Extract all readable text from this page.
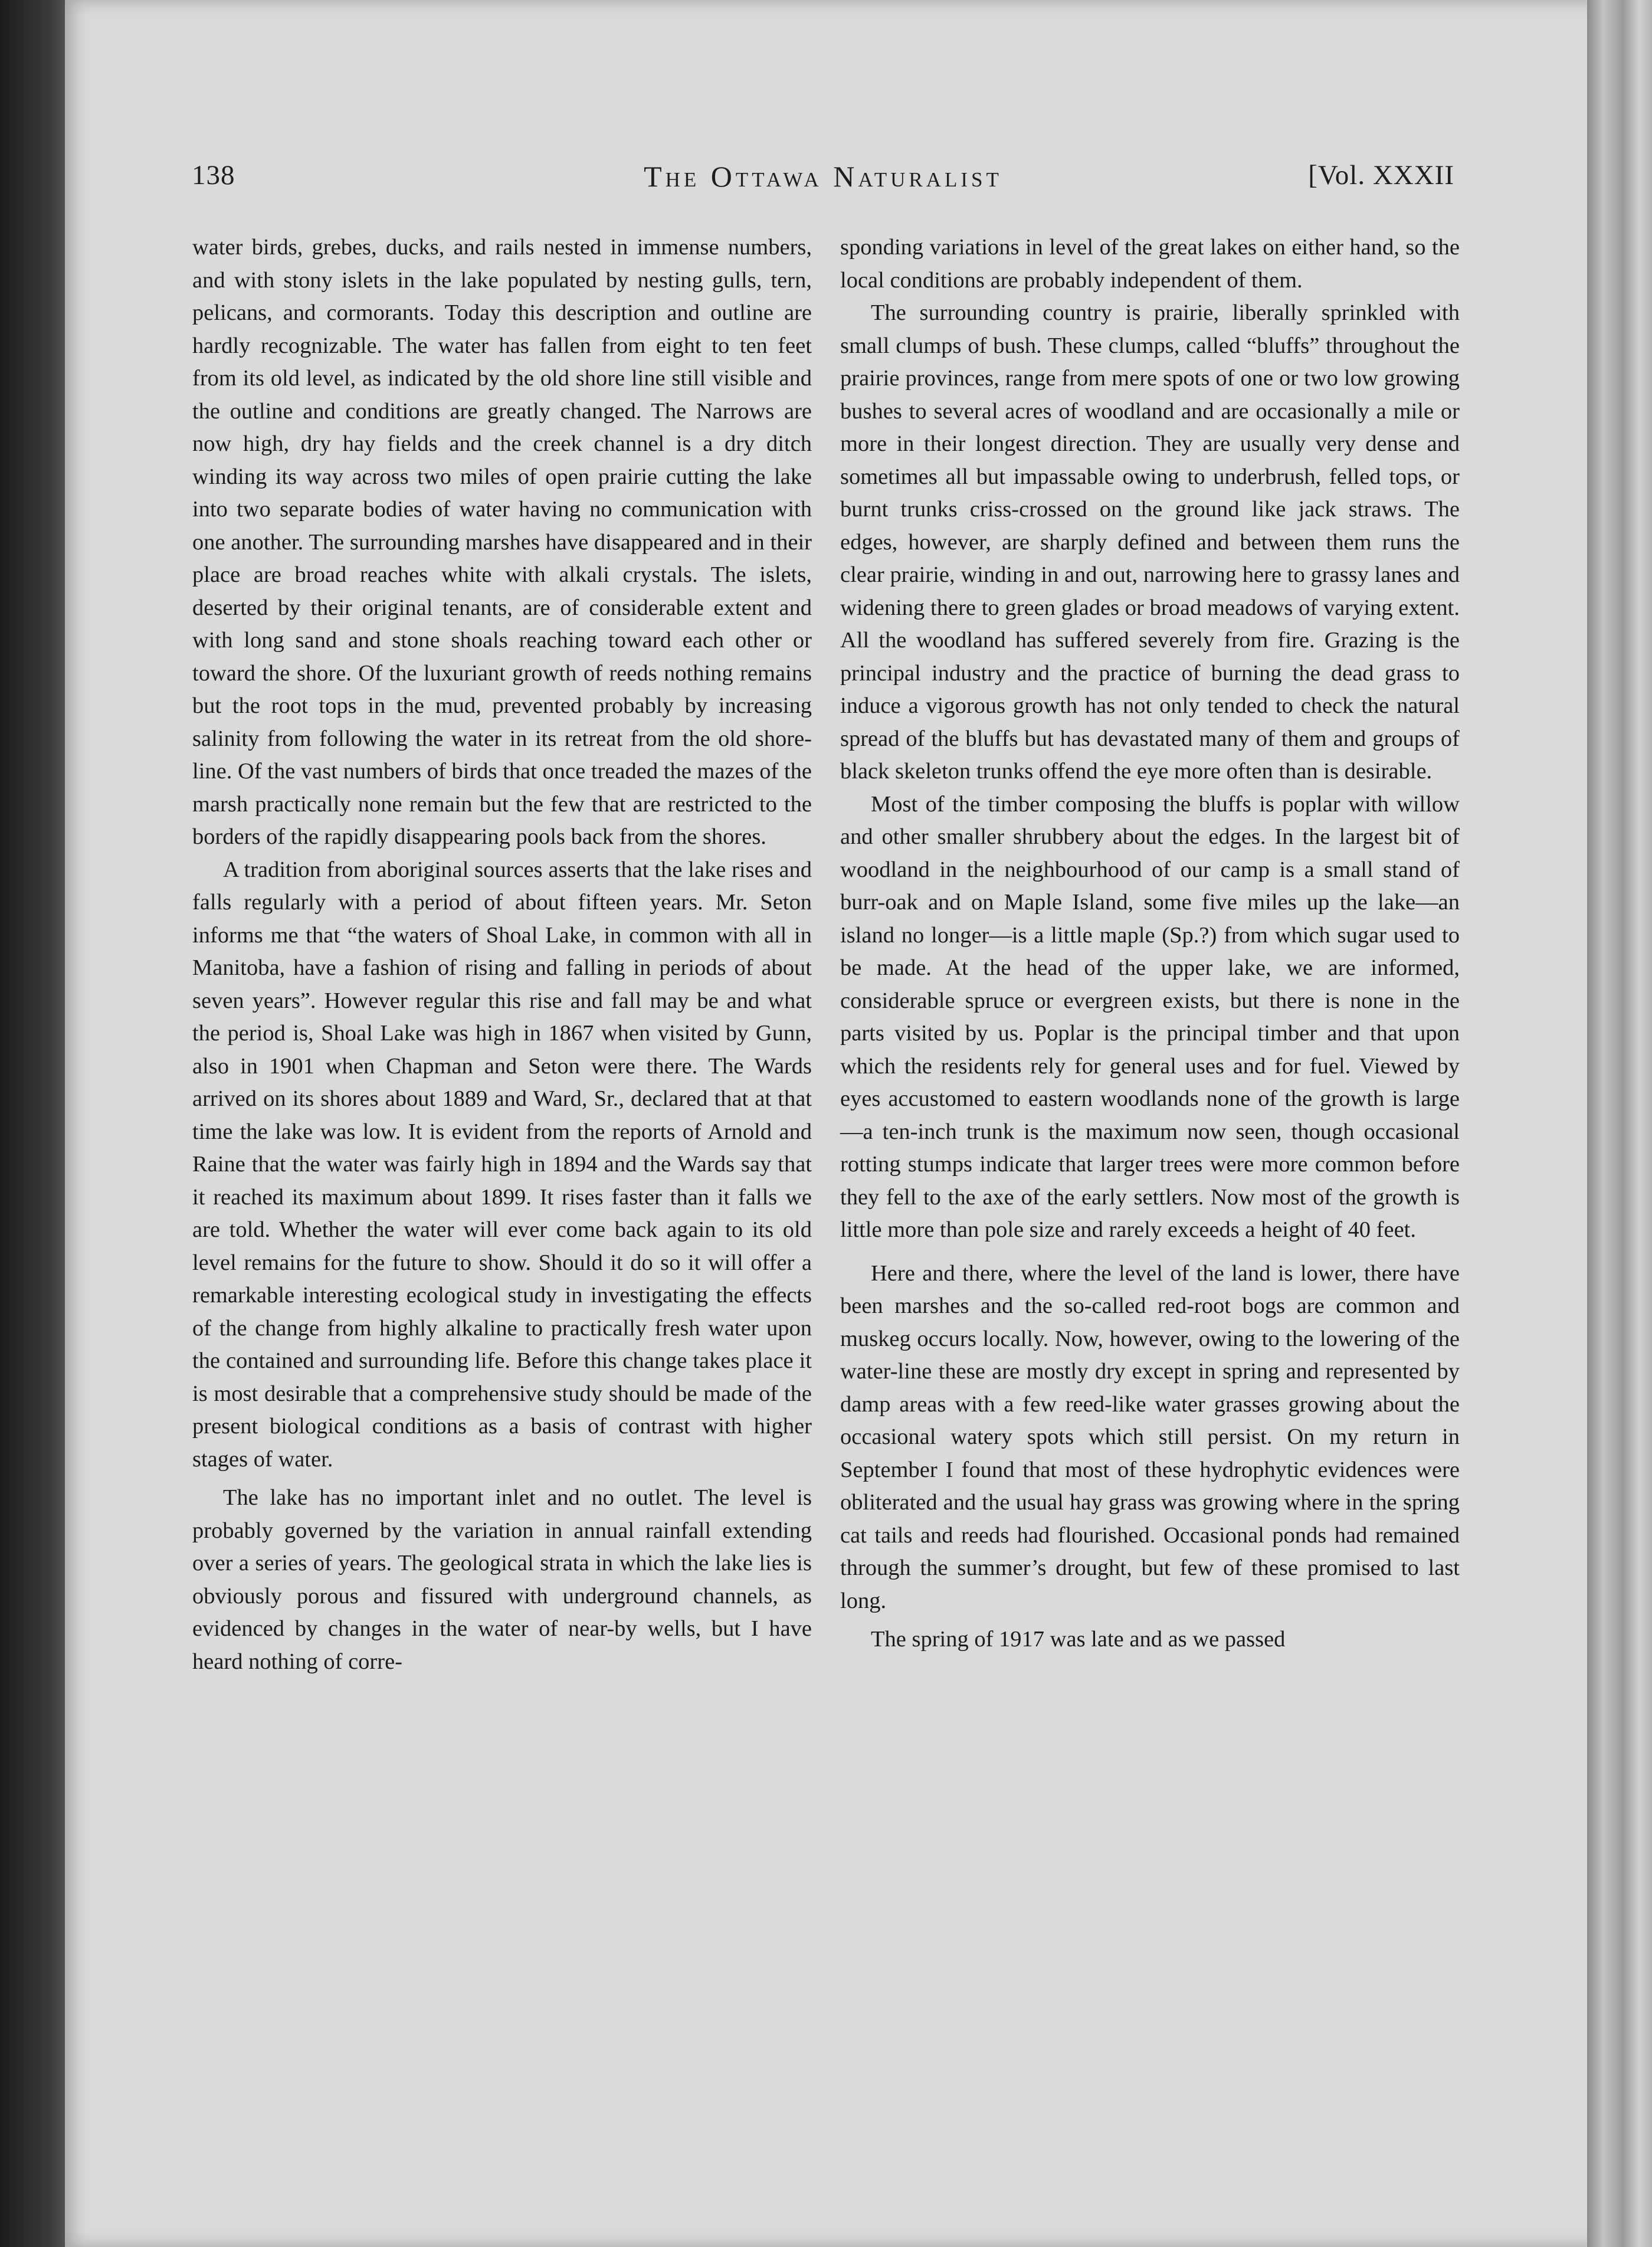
138	The Ottawa Naturalist	[Vol. XXXII

water birds, grebes, ducks, and rails nested in immense numbers, and with stony islets in the lake populated by nesting gulls, tern, pelicans, and cormorants. Today this description and outline are hardly recognizable. The water has fallen from eight to ten feet from its old level, as indicated by the old shore line still visible and the outline and conditions are greatly changed. The Narrows are now high, dry hay fields and the creek channel is a dry ditch winding its way across two miles of open prairie cutting the lake into two separate bodies of water having no communication with one another. The surrounding marshes have disappeared and in their place are broad reaches white with alkali crystals. The islets, deserted by their original tenants, are of considerable extent and with long sand and stone shoals reaching toward each other or toward the shore. Of the luxuriant growth of reeds nothing remains but the root tops in the mud, prevented probably by increasing salinity from following the water in its retreat from the old shore-line. Of the vast numbers of birds that once treaded the mazes of the marsh practically none remain but the few that are restricted to the borders of the rapidly disappearing pools back from the shores.

A tradition from aboriginal sources asserts that the lake rises and falls regularly with a period of about fifteen years. Mr. Seton informs me that “the waters of Shoal Lake, in common with all in Manitoba, have a fashion of rising and falling in periods of about seven years”. However regular this rise and fall may be and what the period is, Shoal Lake was high in 1867 when visited by Gunn, also in 1901 when Chapman and Seton were there. The Wards arrived on its shores about 1889 and Ward, Sr., declared that at that time the lake was low. It is evident from the reports of Arnold and Raine that the water was fairly high in 1894 and the Wards say that it reached its maximum about 1899. It rises faster than it falls we are told. Whether the water will ever come back again to its old level remains for the future to show. Should it do so it will offer a remarkable interesting ecological study in investigating the effects of the change from highly alkaline to practically fresh water upon the contained and surrounding life. Before this change takes place it is most desirable that a comprehensive study should be made of the present biological conditions as a basis of contrast with higher stages of water.

The lake has no important inlet and no outlet. The level is probably governed by the variation in annual rainfall extending over a series of years. The geological strata in which the lake lies is obviously porous and fissured with underground channels, as evidenced by changes in the water of near-by wells, but I have heard nothing of corre-

sponding variations in level of the great lakes on either hand, so the local conditions are probably independent of them.

The surrounding country is prairie, liberally sprinkled with small clumps of bush. These clumps, called “bluffs” throughout the prairie provinces, range from mere spots of one or two low growing bushes to several acres of woodland and are occasionally a mile or more in their longest direction. They are usually very dense and sometimes all but impassable owing to underbrush, felled tops, or burnt trunks criss-crossed on the ground like jack straws. The edges, however, are sharply defined and between them runs the clear prairie, winding in and out, narrowing here to grassy lanes and widening there to green glades or broad meadows of varying extent. All the woodland has suffered severely from fire. Grazing is the principal industry and the practice of burning the dead grass to induce a vigorous growth has not only tended to check the natural spread of the bluffs but has devastated many of them and groups of black skeleton trunks offend the eye more often than is desirable.

Most of the timber composing the bluffs is poplar with willow and other smaller shrubbery about the edges. In the largest bit of woodland in the neighbourhood of our camp is a small stand of burr-oak and on Maple Island, some five miles up the lake—an island no longer—is a little maple (Sp.?) from which sugar used to be made. At the head of the upper lake, we are informed, considerable spruce or evergreen exists, but there is none in the parts visited by us. Poplar is the principal timber and that upon which the residents rely for general uses and for fuel. Viewed by eyes accustomed to eastern woodlands none of the growth is large—a ten-inch trunk is the maximum now seen, though occasional rotting stumps indicate that larger trees were more common before they fell to the axe of the early settlers. Now most of the growth is little more than pole size and rarely exceeds a height of 40 feet.

Here and there, where the level of the land is lower, there have been marshes and the so-called red-root bogs are common and muskeg occurs locally. Now, however, owing to the lowering of the water-line these are mostly dry except in spring and represented by damp areas with a few reed-like water grasses growing about the occasional watery spots which still persist. On my return in September I found that most of these hydrophytic evidences were obliterated and the usual hay grass was growing where in the spring cat tails and reeds had flourished. Occasional ponds had remained through the summer’s drought, but few of these promised to last long.

The spring of 1917 was late and as we passed
